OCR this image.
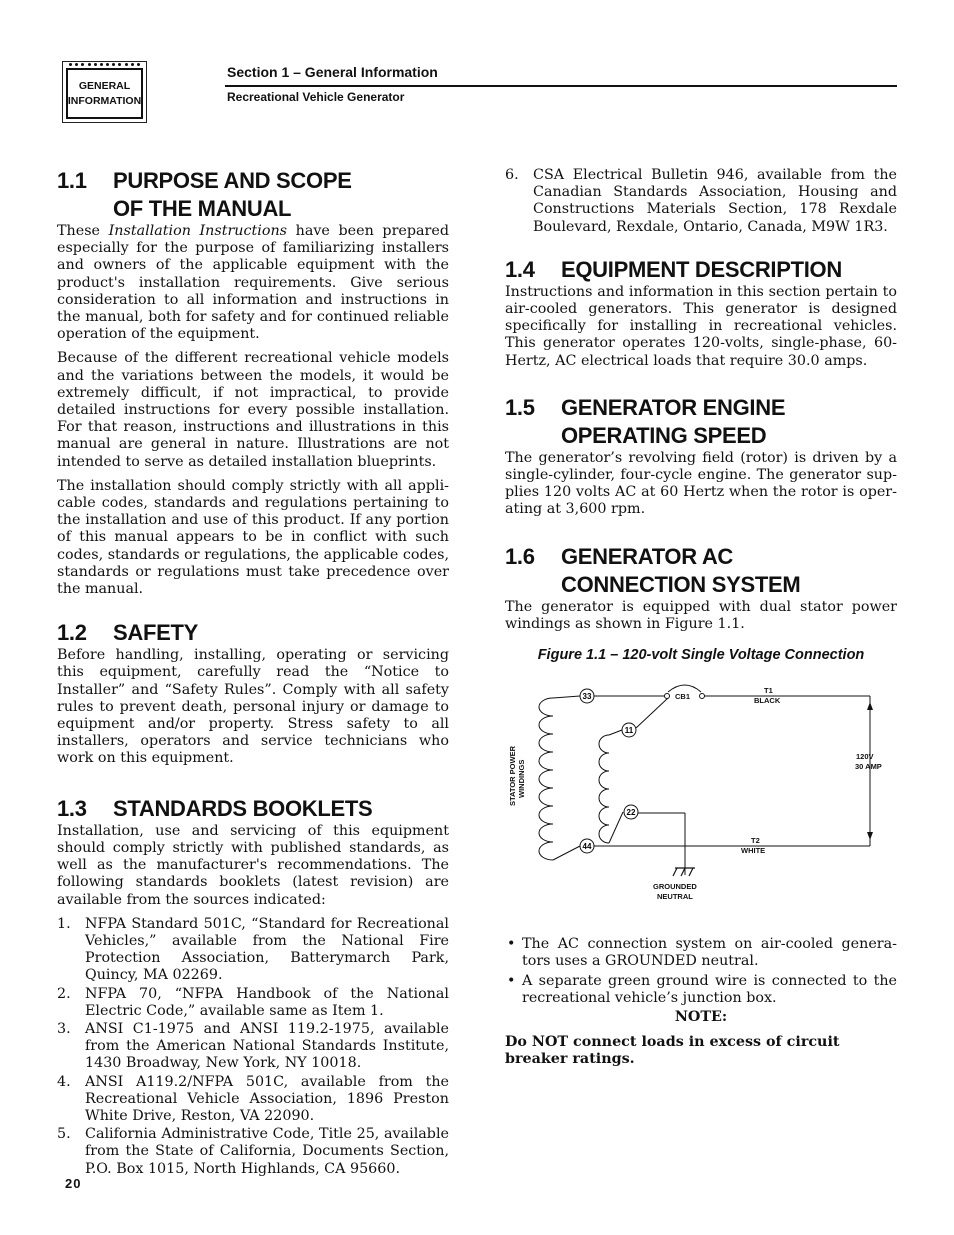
GENERAL
INFORMATION
Section 1 – General Information
Recreational Vehicle Generator
1.1	PURPOSE AND SCOPE
OF THE MANUAL

These Installation Instructions have been prepared especially for the purpose of familiarizing installers and owners of the applicable equipment with the product's installation requirements. Give serious consideration to all information and instructions in the manual, both for safety and for continued reliable operation of the equipment.

Because of the different recreational vehicle models and the variations between the models, it would be extremely difficult, if not impractical, to provide detailed instructions for every possible installation. For that reason, instructions and illustrations in this manual are general in nature. Illustrations are not intended to serve as detailed installation blueprints.

The installation should comply strictly with all applicable codes, standards and regulations pertaining to the installation and use of this product. If any portion of this manual appears to be in conflict with such codes, standards or regulations, the applicable codes, standards or regulations must take precedence over the manual.

1.2	SAFETY

Before handling, installing, operating or servicing this equipment, carefully read the “Notice to Installer” and “Safety Rules”. Comply with all safety rules to prevent death, personal injury or damage to equipment and/or property. Stress safety to all installers, operators and service technicians who work on this equipment.

1.3	STANDARDS BOOKLETS

Installation, use and servicing of this equipment should comply strictly with published standards, as well as the manufacturer's recommendations. The following standards booklets (latest revision) are available from the sources indicated:

1.	NFPA Standard 501C, “Standard for Recreational Vehicles,” available from the National Fire Protection Association, Batterymarch Park, Quincy, MA 02269.
2.	NFPA 70, “NFPA Handbook of the National Electric Code,” available same as Item 1.
3.	ANSI C1-1975 and ANSI 119.2-1975, available from the American National Standards Institute, 1430 Broadway, New York, NY 10018.
4.	ANSI A119.2/NFPA 501C, available from the Recreational Vehicle Association, 1896 Preston White Drive, Reston, VA 22090.
5.	California Administrative Code, Title 25, available from the State of California, Documents Section, P.O. Box 1015, North Highlands, CA 95660.
6.	CSA Electrical Bulletin 946, available from the Canadian Standards Association, Housing and Constructions Materials Section, 178 Rexdale Boulevard, Rexdale, Ontario, Canada, M9W 1R3.
1.4	EQUIPMENT DESCRIPTION

Instructions and information in this section pertain to air-cooled generators. This generator is designed specifically for installing in recreational vehicles. This generator operates 120-volts, single-phase, 60-Hertz, AC electrical loads that require 30.0 amps.

1.5	GENERATOR ENGINE
OPERATING SPEED

The generator’s revolving field (rotor) is driven by a single-cylinder, four-cycle engine. The generator supplies 120 volts AC at 60 Hertz when the rotor is operating at 3,600 rpm.

1.6	GENERATOR AC
CONNECTION SYSTEM

The generator is equipped with dual stator power windings as shown in Figure 1.1.

Figure 1.1 – 120-volt Single Voltage Connection
• The AC connection system on air-cooled generators uses a GROUNDED neutral.
• A separate green ground wire is connected to the recreational vehicle’s junction box.
NOTE:
Do NOT connect loads in excess of circuit breaker ratings.
33
11
22
44
CB1
T1
BLACK
T2
WHITE
120V
30 AMP
GROUNDED
NEUTRAL
STATOR POWER WINDINGS
20
